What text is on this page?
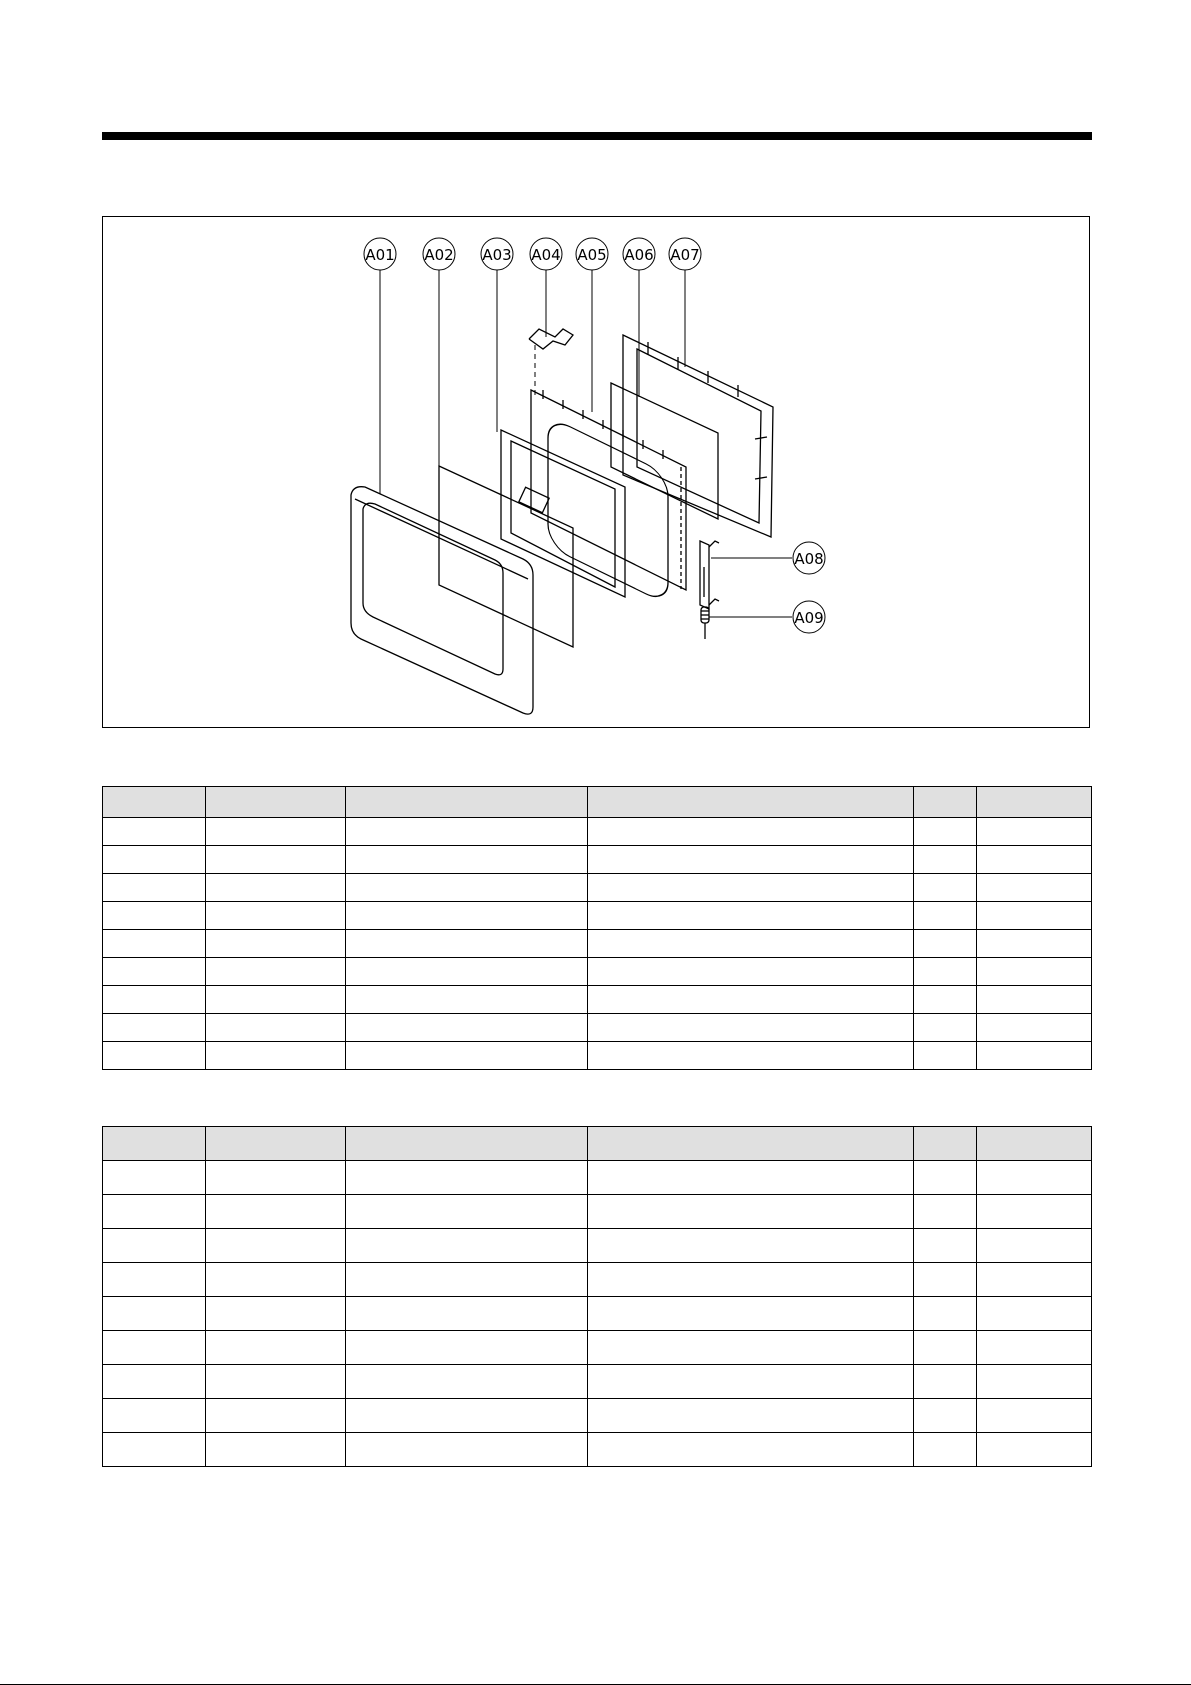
A01 A02 A03 A04 A05 A06 A07
A08
A09
